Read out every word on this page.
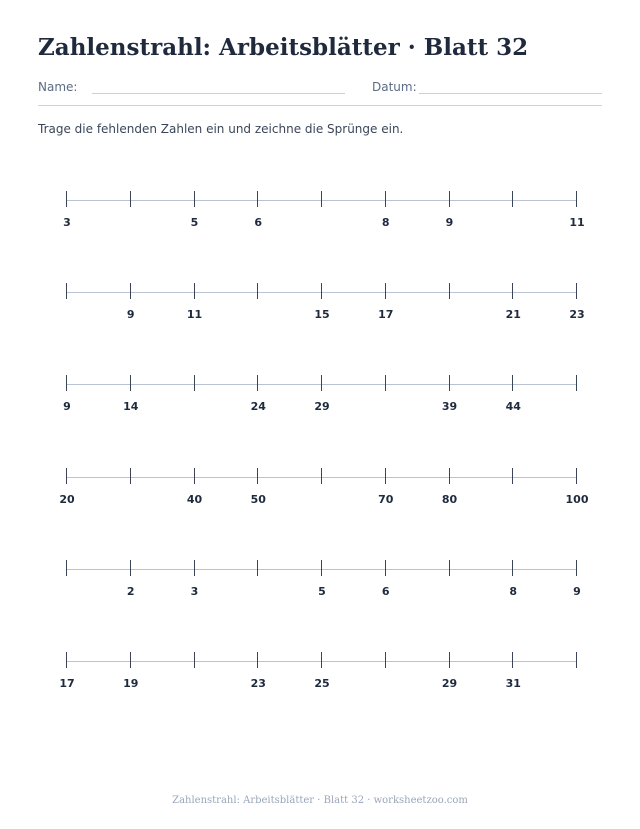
Zahlenstrahl: Arbeitsblätter · Blatt 32
Name:	Datum:
Trage die fehlenden Zahlen ein und zeichne die Sprünge ein.
3	5	6	8	9	11
9	11	15	17	21	23
9	14	24	29	39	44
20	40	50	70	80	100
2	3	5	6	8	9
17	19	23	25	29	31
Zahlenstrahl: Arbeitsblätter · Blatt 32 · worksheetzoo.com
